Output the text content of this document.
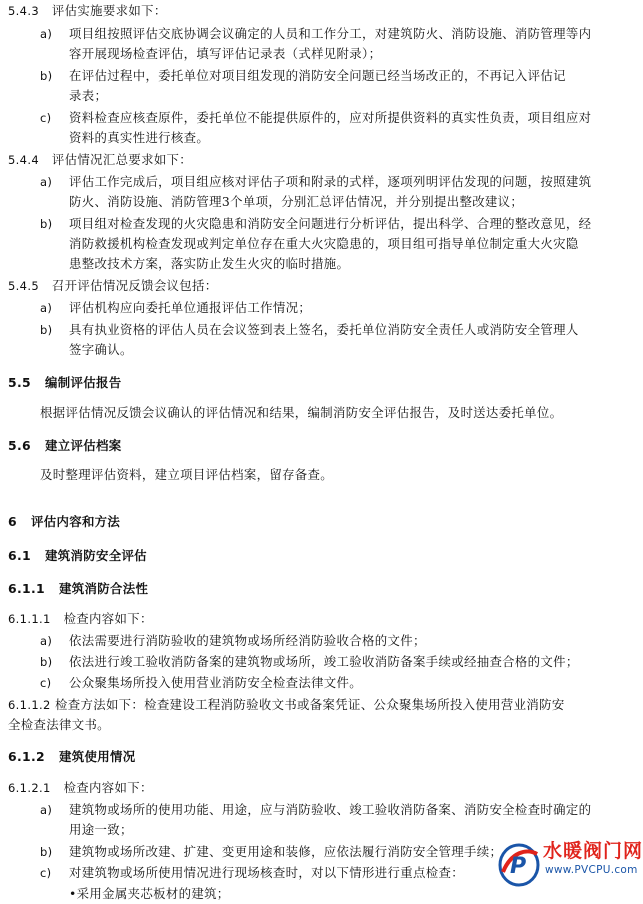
5.4.3 评估实施要求如下：
a) 项目组按照评估交底协调会议确定的人员和工作分工，对建筑防火、消防设施、消防管理等内
容开展现场检查评估，填写评估记录表（式样见附录）；
b) 在评估过程中，委托单位对项目组发现的消防安全问题已经当场改正的，不再记入评估记
录表；
c) 资料检查应核查原件，委托单位不能提供原件的，应对所提供资料的真实性负责，项目组应对
资料的真实性进行核查。
5.4.4 评估情况汇总要求如下：
a) 评估工作完成后，项目组应核对评估子项和附录的式样，逐项列明评估发现的问题，按照建筑
防火、消防设施、消防管理3个单项，分别汇总评估情况，并分别提出整改建议；
b) 项目组对检查发现的火灾隐患和消防安全问题进行分析评估，提出科学、合理的整改意见，经
消防救援机构检查发现或判定单位存在重大火灾隐患的，项目组可指导单位制定重大火灾隐
患整改技术方案，落实防止发生火灾的临时措施。
5.4.5 召开评估情况反馈会议包括：
a) 评估机构应向委托单位通报评估工作情况；
b) 具有执业资格的评估人员在会议签到表上签名，委托单位消防安全责任人或消防安全管理人
签字确认。
5.5 编制评估报告
根据评估情况反馈会议确认的评估情况和结果，编制消防安全评估报告，及时送达委托单位。
5.6 建立评估档案
及时整理评估资料，建立项目评估档案，留存备查。
6 评估内容和方法
6.1 建筑消防安全评估
6.1.1 建筑消防合法性
6.1.1.1 检查内容如下：
a) 依法需要进行消防验收的建筑物或场所经消防验收合格的文件；
b) 依法进行竣工验收消防备案的建筑物或场所，竣工验收消防备案手续或经抽查合格的文件；
c) 公众聚集场所投入使用营业消防安全检查法律文件。
6.1.1.2 检查方法如下：检查建设工程消防验收文书或备案凭证、公众聚集场所投入使用营业消防安
全检查法律文书。
6.1.2 建筑使用情况
6.1.2.1 检查内容如下：
a) 建筑物或场所的使用功能、用途，应与消防验收、竣工验收消防备案、消防安全检查时确定的
用途一致；
b) 建筑物或场所改建、扩建、变更用途和装修，应依法履行消防安全管理手续；
c) 对建筑物或场所使用情况进行现场核查时，对以下情形进行重点检查：
•采用金属夹芯板材的建筑；
P
水暖阀门网
www.PVCPU.com
